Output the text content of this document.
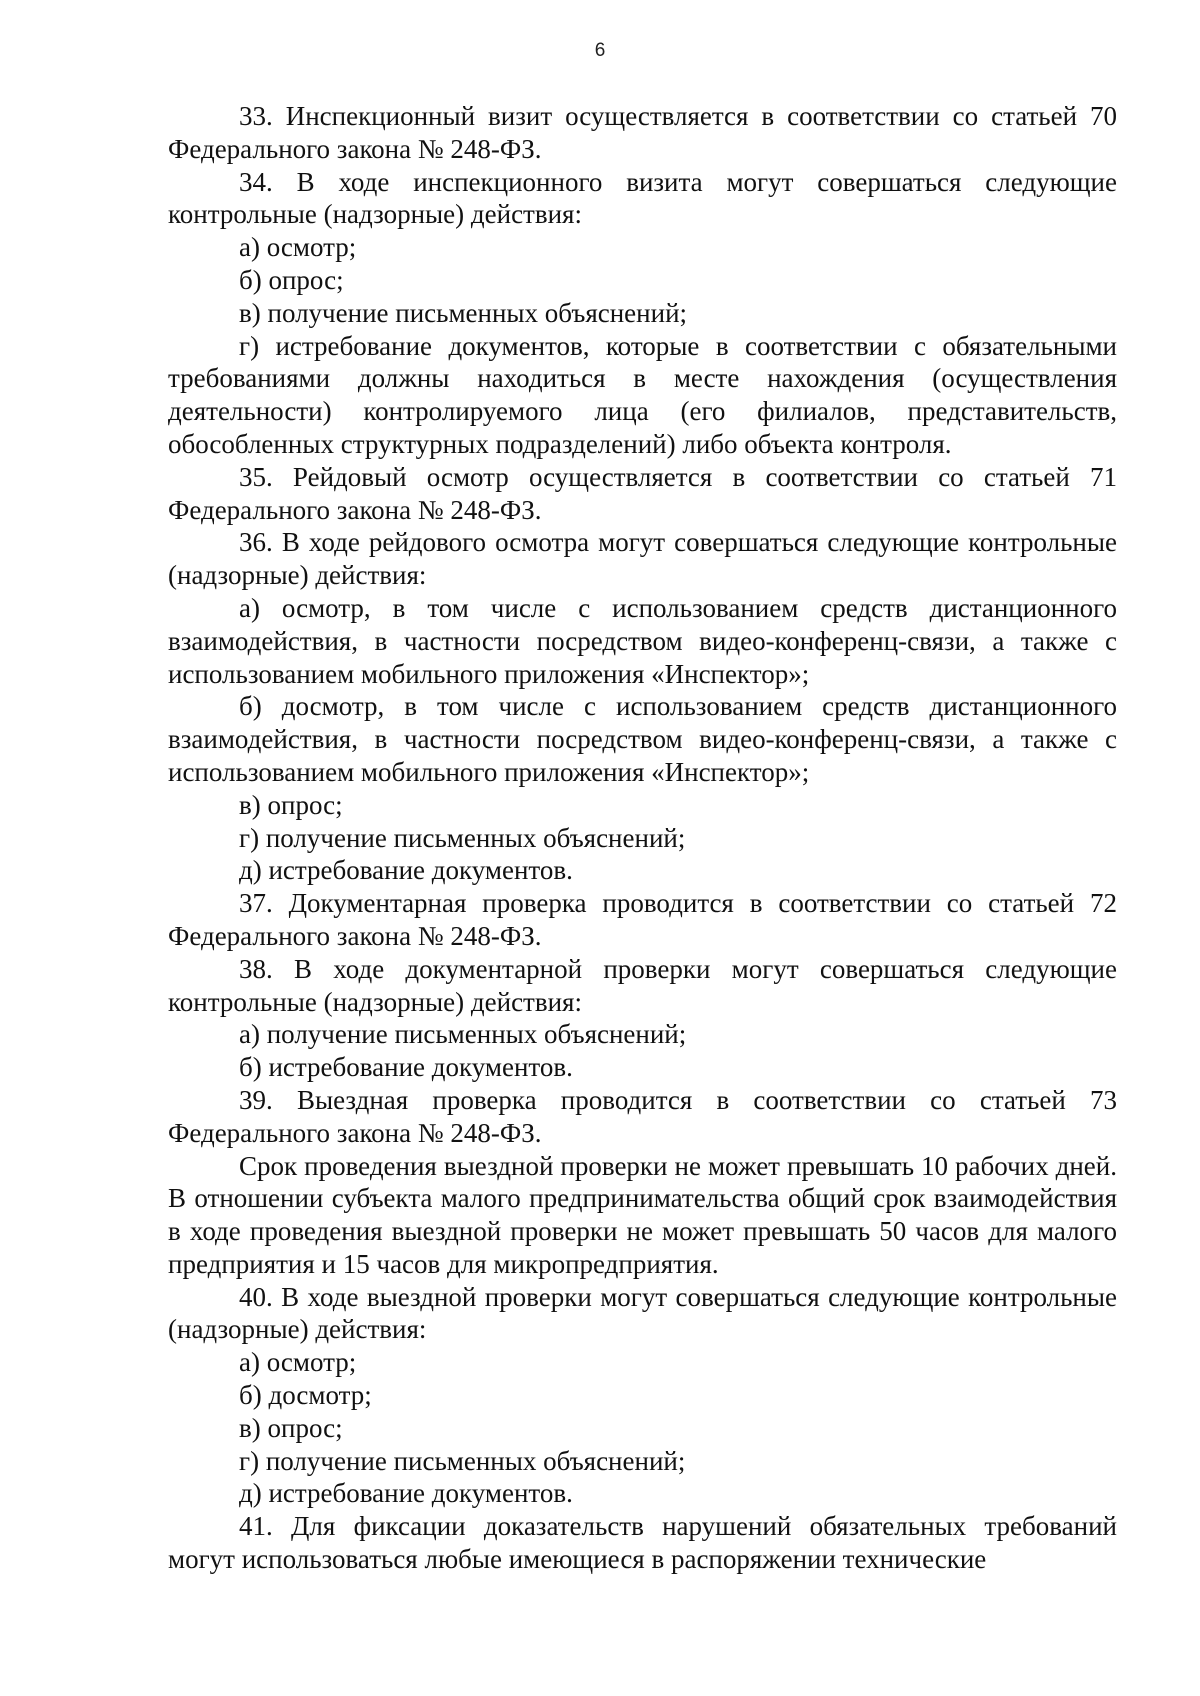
6

33. Инспекционный визит осуществляется в соответствии со статьей 70 Федерального закона № 248-ФЗ.

34. В ходе инспекционного визита могут совершаться следующие контрольные (надзорные) действия:

а) осмотр;

б) опрос;

в) получение письменных объяснений;

г) истребование документов, которые в соответствии с обязательными требованиями должны находиться в месте нахождения (осуществления деятельности) контролируемого лица (его филиалов, представительств, обособленных структурных подразделений) либо объекта контроля.

35. Рейдовый осмотр осуществляется в соответствии со статьей 71 Федерального закона № 248-ФЗ.

36. В ходе рейдового осмотра могут совершаться следующие контрольные (надзорные) действия:

а) осмотр, в том числе с использованием средств дистанционного взаимодействия, в частности посредством видео-конференц-связи, а также с использованием мобильного приложения «Инспектор»;

б) досмотр, в том числе с использованием средств дистанционного взаимодействия, в частности посредством видео-конференц-связи, а также с использованием мобильного приложения «Инспектор»;

в) опрос;

г) получение письменных объяснений;

д) истребование документов.

37. Документарная проверка проводится в соответствии со статьей 72 Федерального закона № 248-ФЗ.

38. В ходе документарной проверки могут совершаться следующие контрольные (надзорные) действия:

а) получение письменных объяснений;

б) истребование документов.

39. Выездная проверка проводится в соответствии со статьей 73 Федерального закона № 248-ФЗ.

Срок проведения выездной проверки не может превышать 10 рабочих дней. В отношении субъекта малого предпринимательства общий срок взаимодействия в ходе проведения выездной проверки не может превышать 50 часов для малого предприятия и 15 часов для микропредприятия.

40. В ходе выездной проверки могут совершаться следующие контрольные (надзорные) действия:

а) осмотр;

б) досмотр;

в) опрос;

г) получение письменных объяснений;

д) истребование документов.

41. Для фиксации доказательств нарушений обязательных требований могут использоваться любые имеющиеся в распоряжении технические
